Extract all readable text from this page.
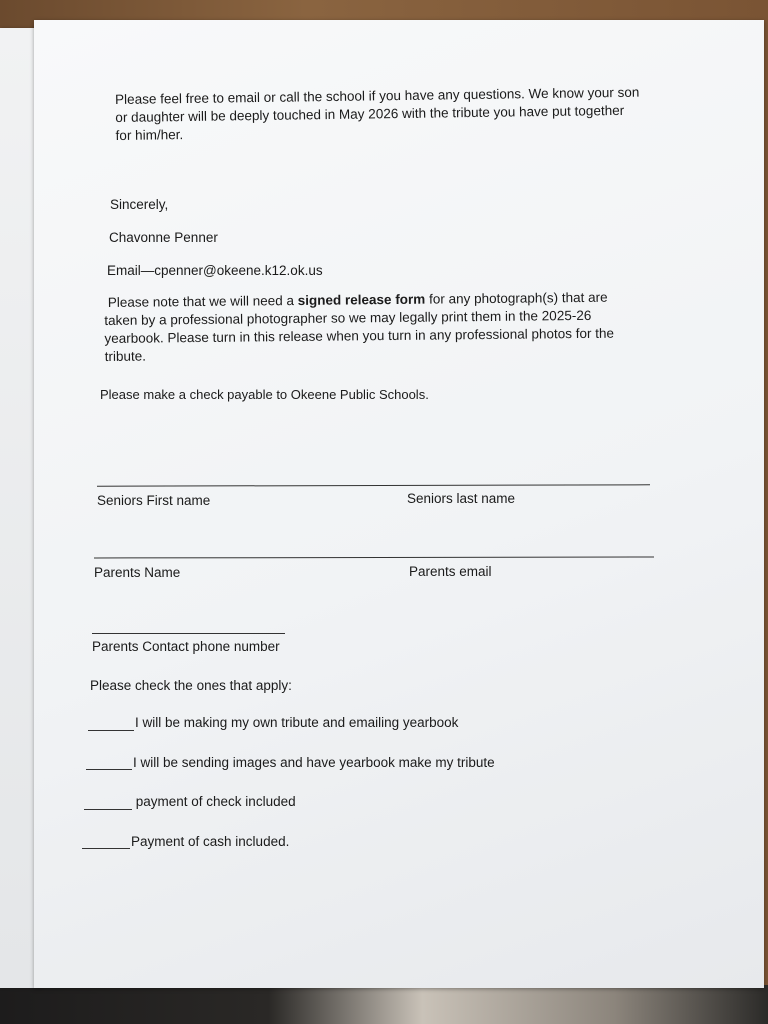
Please feel free to email or call the school if you have any questions. We know your son
or daughter will be deeply touched in May 2026 with the tribute you have put together
for him/her.
Sincerely,
Chavonne Penner
Email—cpenner@okeene.k12.ok.us
Please note that we will need a signed release form for any photograph(s) that are
taken by a professional photographer so we may legally print them in the 2025-26
yearbook. Please turn in this release when you turn in any professional photos for the
tribute.
Please make a check payable to Okeene Public Schools.
Seniors First name	Seniors last name
Parents Name	Parents email
Parents Contact phone number
Please check the ones that apply:
I will be making my own tribute and emailing yearbook
I will be sending images and have yearbook make my tribute
payment of check included
Payment of cash included.
